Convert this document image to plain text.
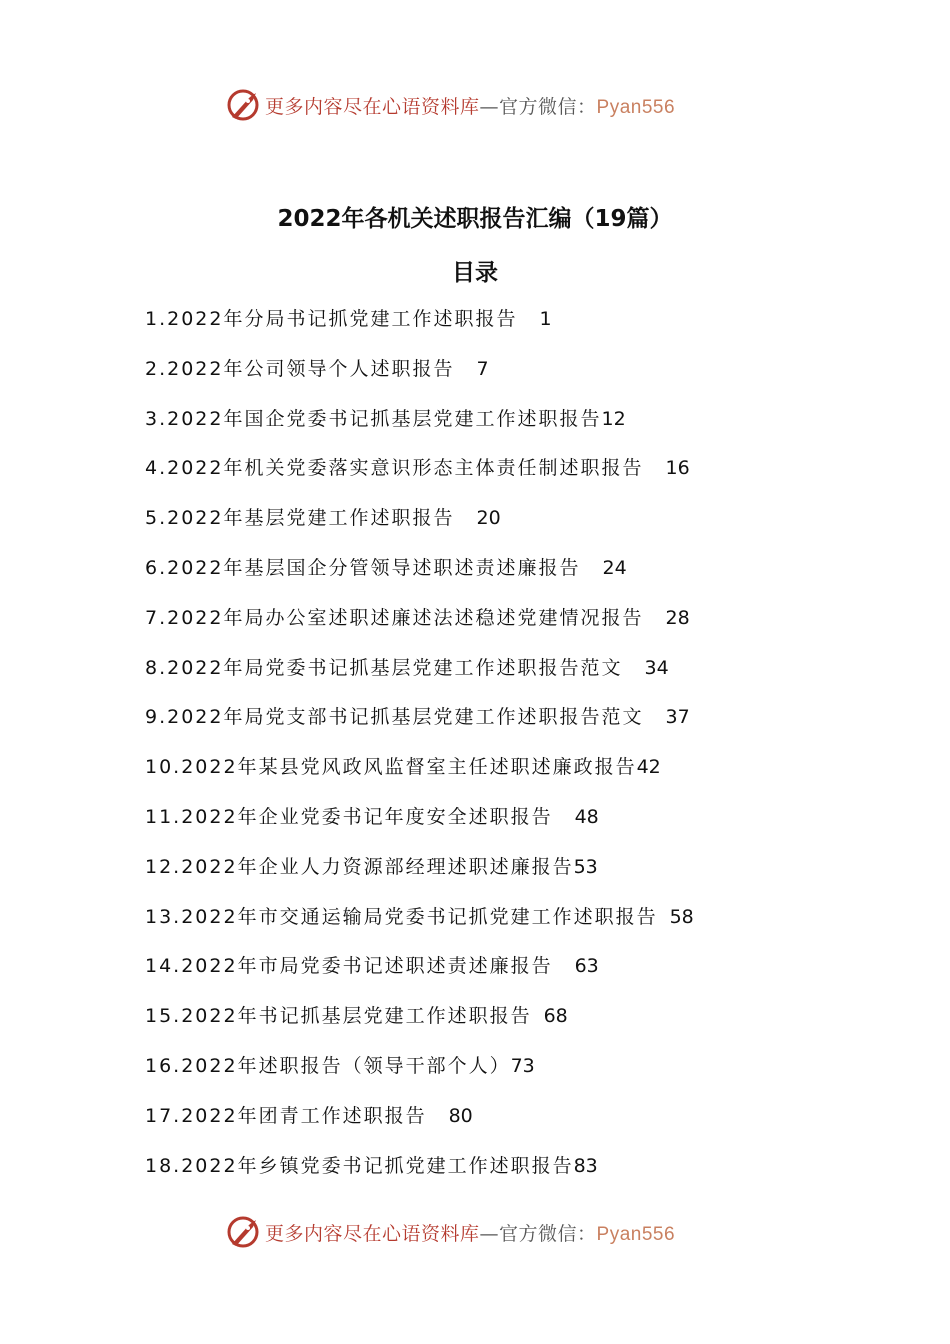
更多内容尽在心语资料库—官方微信：Pyan556
2022年各机关述职报告汇编（19篇）
目录
1.2022年分局书记抓党建工作述职报告 1
2.2022年公司领导个人述职报告 7
3.2022年国企党委书记抓基层党建工作述职报告12
4.2022年机关党委落实意识形态主体责任制述职报告 16
5.2022年基层党建工作述职报告 20
6.2022年基层国企分管领导述职述责述廉报告 24
7.2022年局办公室述职述廉述法述稳述党建情况报告 28
8.2022年局党委书记抓基层党建工作述职报告范文 34
9.2022年局党支部书记抓基层党建工作述职报告范文 37
10.2022年某县党风政风监督室主任述职述廉政报告42
11.2022年企业党委书记年度安全述职报告 48
12.2022年企业人力资源部经理述职述廉报告53
13.2022年市交通运输局党委书记抓党建工作述职报告 58
14.2022年市局党委书记述职述责述廉报告 63
15.2022年书记抓基层党建工作述职报告 68
16.2022年述职报告（领导干部个人）73
17.2022年团青工作述职报告 80
18.2022年乡镇党委书记抓党建工作述职报告83
更多内容尽在心语资料库—官方微信：Pyan556
